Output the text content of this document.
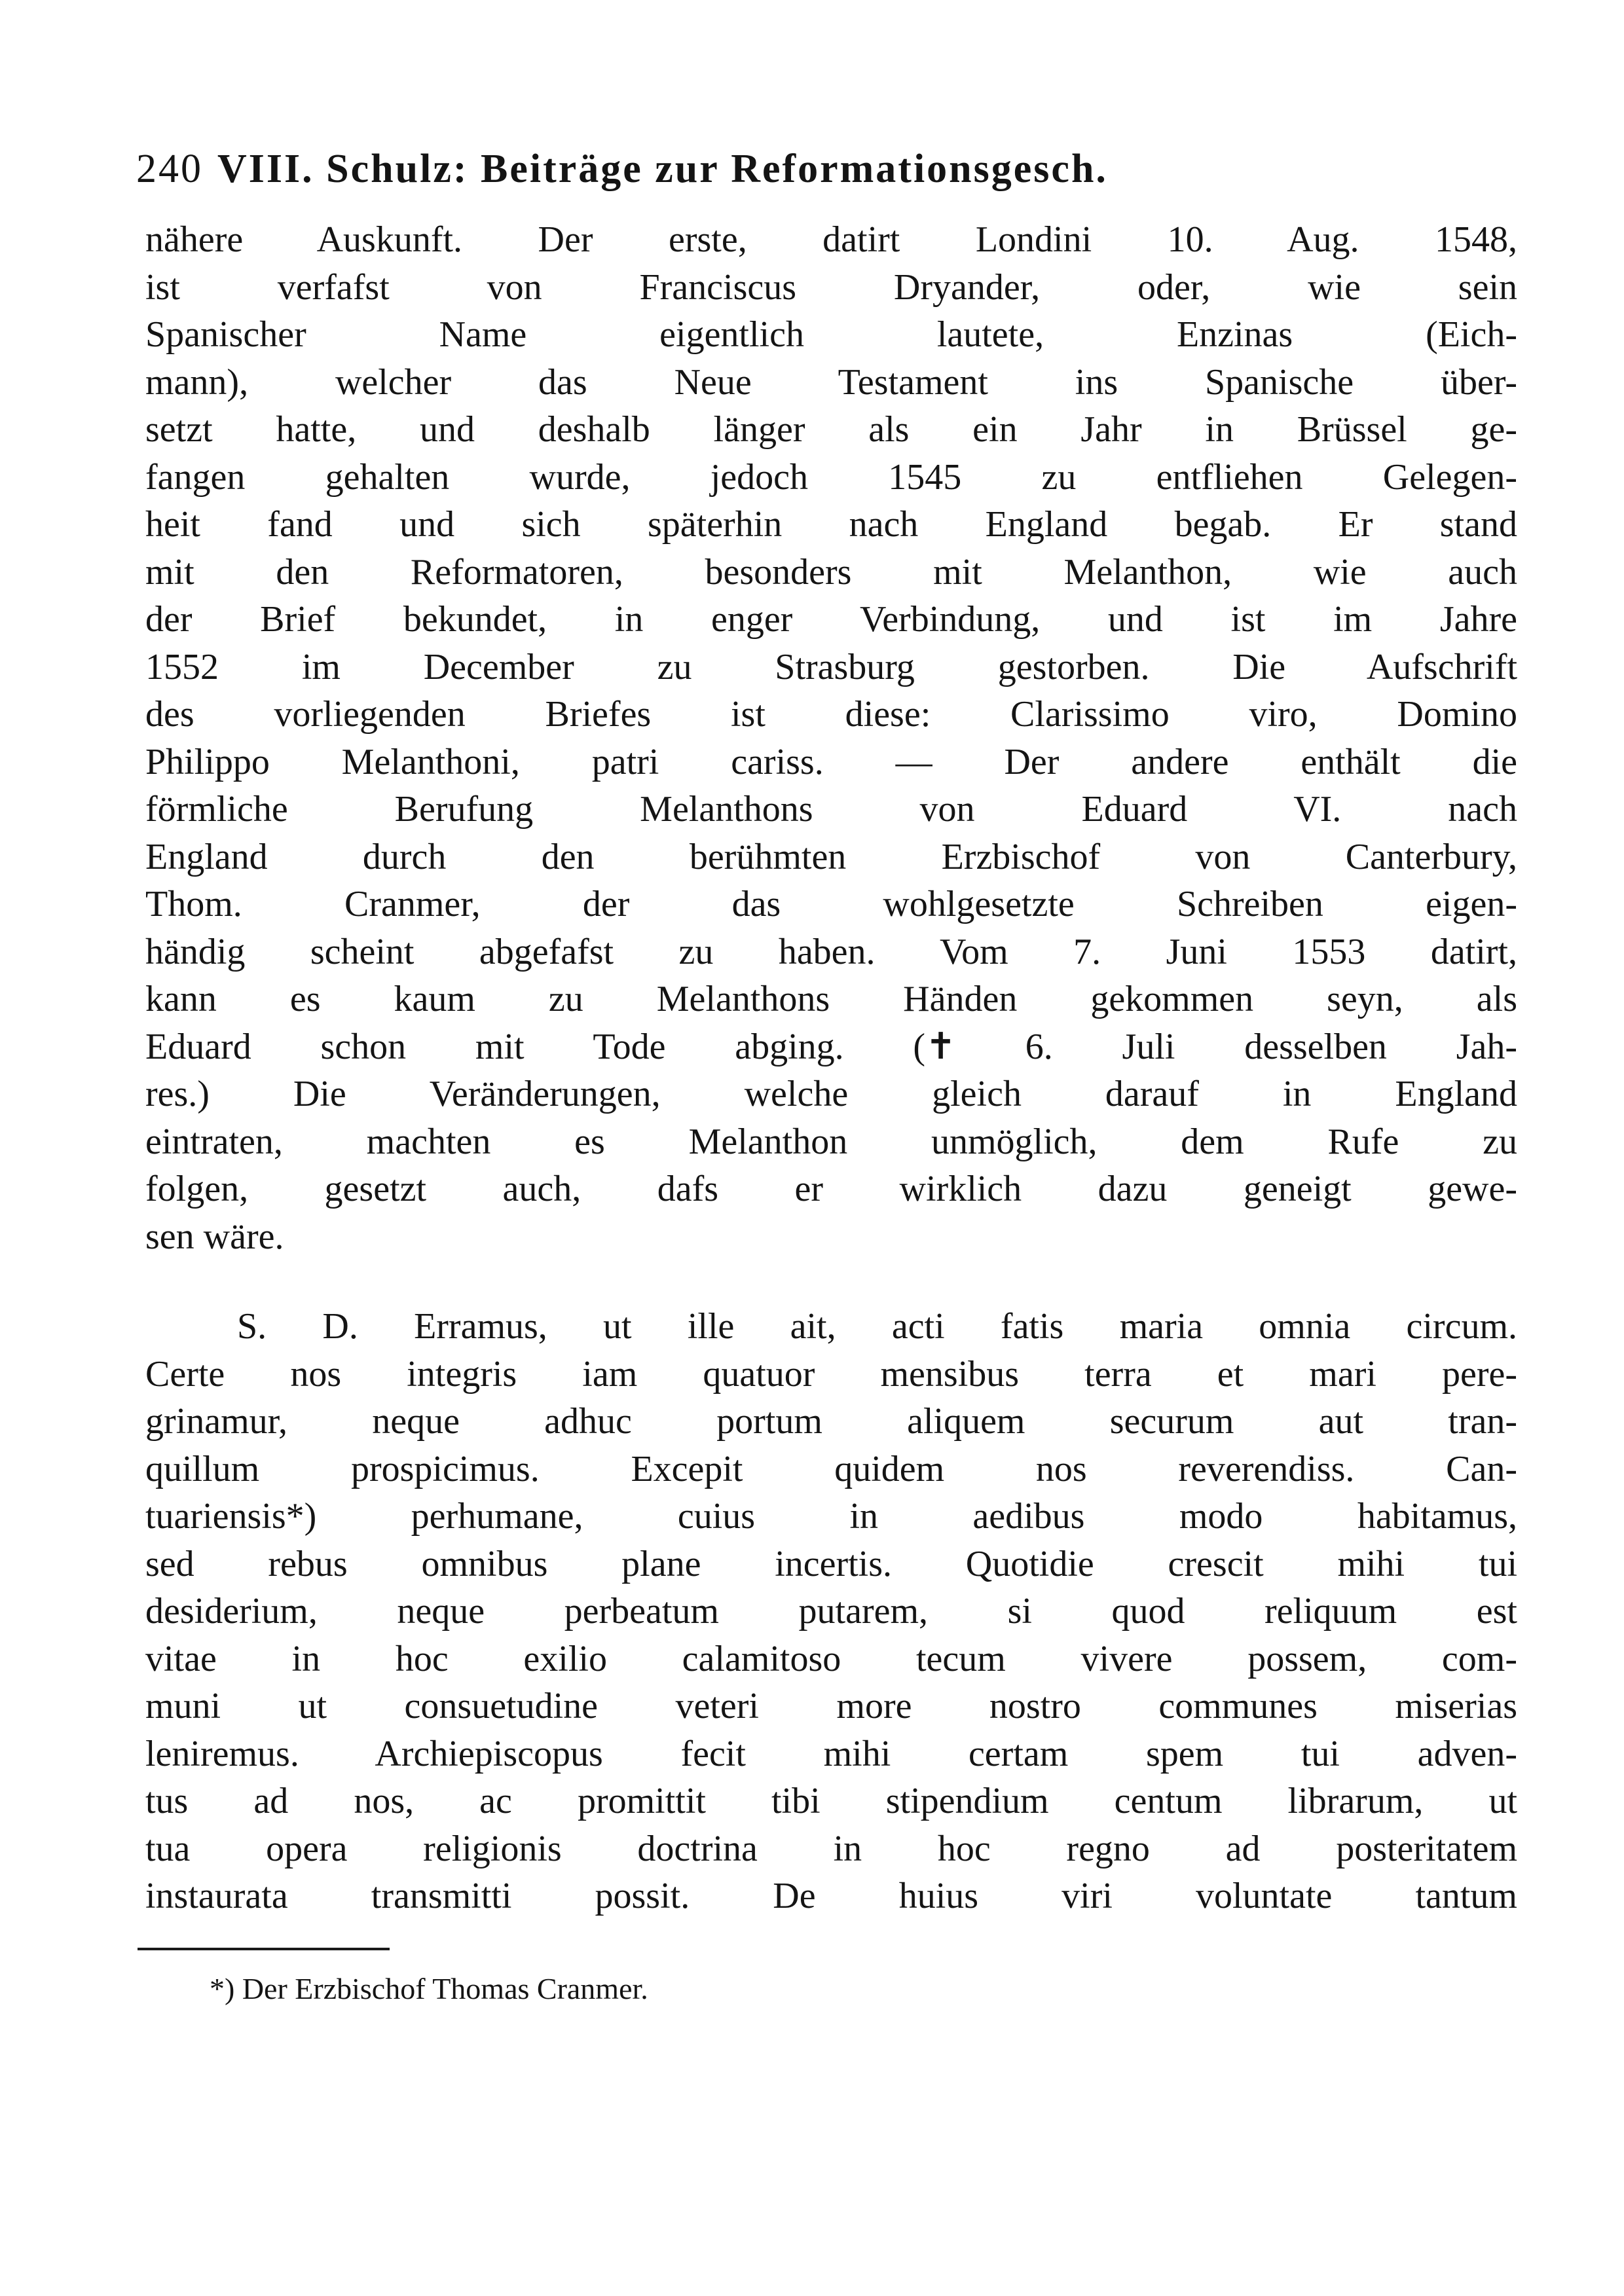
240 VIII. Schulz: Beiträge zur Reformationsgesch.
nähere Auskunft. Der erste, datirt Londini 10. Aug. 1548,
ist verfafst von Franciscus Dryander, oder, wie sein
Spanischer Name eigentlich lautete, Enzinas (Eich-
mann), welcher das Neue Testament ins Spanische über-
setzt hatte, und deshalb länger als ein Jahr in Brüssel ge-
fangen gehalten wurde, jedoch 1545 zu entfliehen Gelegen-
heit fand und sich späterhin nach England begab. Er stand
mit den Reformatoren, besonders mit Melanthon, wie auch
der Brief bekundet, in enger Verbindung, und ist im Jahre
1552 im December zu Strasburg gestorben. Die Aufschrift
des vorliegenden Briefes ist diese: Clarissimo viro, Domino
Philippo Melanthoni, patri cariss. — Der andere enthält die
förmliche Berufung Melanthons von Eduard VI. nach
England durch den berühmten Erzbischof von Canterbury,
Thom. Cranmer, der das wohlgesetzte Schreiben eigen-
händig scheint abgefafst zu haben. Vom 7. Juni 1553 datirt,
kann es kaum zu Melanthons Händen gekommen seyn, als
Eduard schon mit Tode abging. (✝ 6. Juli desselben Jah-
res.) Die Veränderungen, welche gleich darauf in England
eintraten, machten es Melanthon unmöglich, dem Rufe zu
folgen, gesetzt auch, dafs er wirklich dazu geneigt gewe-
sen wäre.
S. D. Erramus, ut ille ait, acti fatis maria omnia circum.
Certe nos integris iam quatuor mensibus terra et mari pere-
grinamur, neque adhuc portum aliquem securum aut tran-
quillum prospicimus. Excepit quidem nos reverendiss. Can-
tuariensis*) perhumane, cuius in aedibus modo habitamus,
sed rebus omnibus plane incertis. Quotidie crescit mihi tui
desiderium, neque perbeatum putarem, si quod reliquum est
vitae in hoc exilio calamitoso tecum vivere possem, com-
muni ut consuetudine veteri more nostro communes miserias
leniremus. Archiepiscopus fecit mihi certam spem tui adven-
tus ad nos, ac promittit tibi stipendium centum librarum, ut
tua opera religionis doctrina in hoc regno ad posteritatem
instaurata transmitti possit. De huius viri voluntate tantum
*) Der Erzbischof Thomas Cranmer.
